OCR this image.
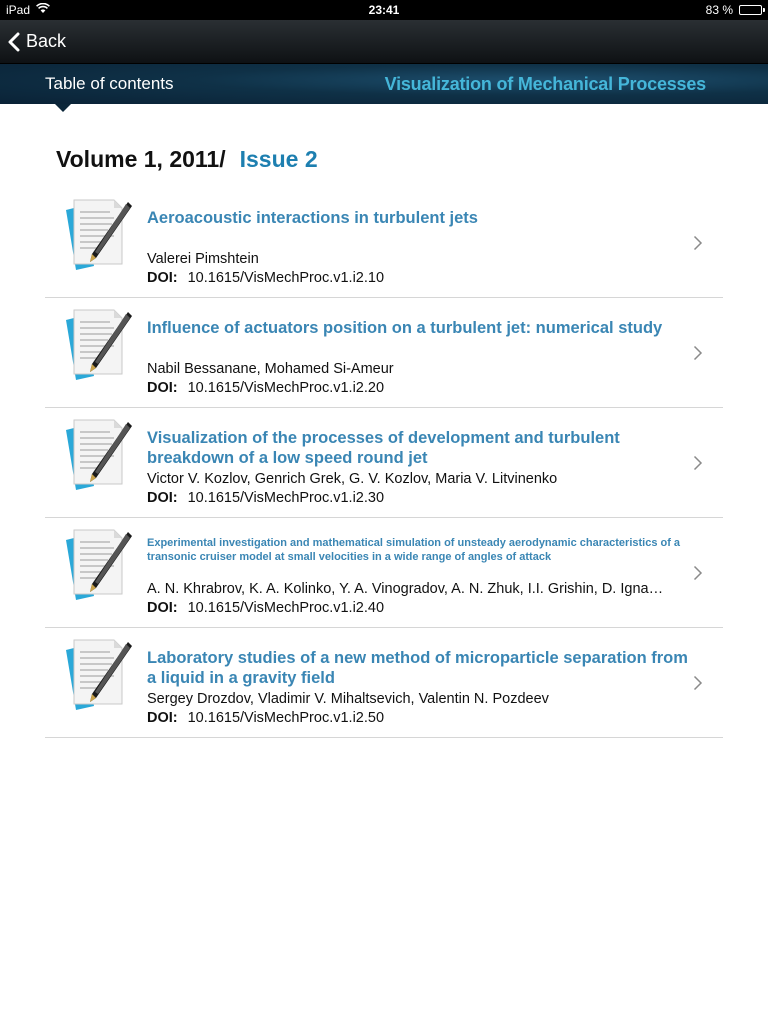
iPad	23:41	83 %
Back
Table of contents	Visualization of Mechanical Processes
Volume 1, 2011/ Issue 2
Aeroacoustic interactions in turbulent jets
Valerei Pimshtein
DOI: 10.1615/VisMechProc.v1.i2.10
Influence of actuators position on a turbulent jet: numerical study
Nabil Bessanane, Mohamed Si-Ameur
DOI: 10.1615/VisMechProc.v1.i2.20
Visualization of the processes of development and turbulent breakdown of a low speed round jet
Victor V. Kozlov, Genrich Grek, G. V. Kozlov, Maria V. Litvinenko
DOI: 10.1615/VisMechProc.v1.i2.30
Experimental investigation and mathematical simulation of unsteady aerodynamic characteristics of a transonic cruiser model at small velocities in a wide range of angles of attack
A. N. Khrabrov, K. A. Kolinko, Y. A. Vinogradov, A. N. Zhuk, I.I. Grishin, D. Igna…
DOI: 10.1615/VisMechProc.v1.i2.40
Laboratory studies of a new method of microparticle separation from a liquid in a gravity field
Sergey Drozdov, Vladimir V. Mihaltsevich, Valentin N. Pozdeev
DOI: 10.1615/VisMechProc.v1.i2.50
